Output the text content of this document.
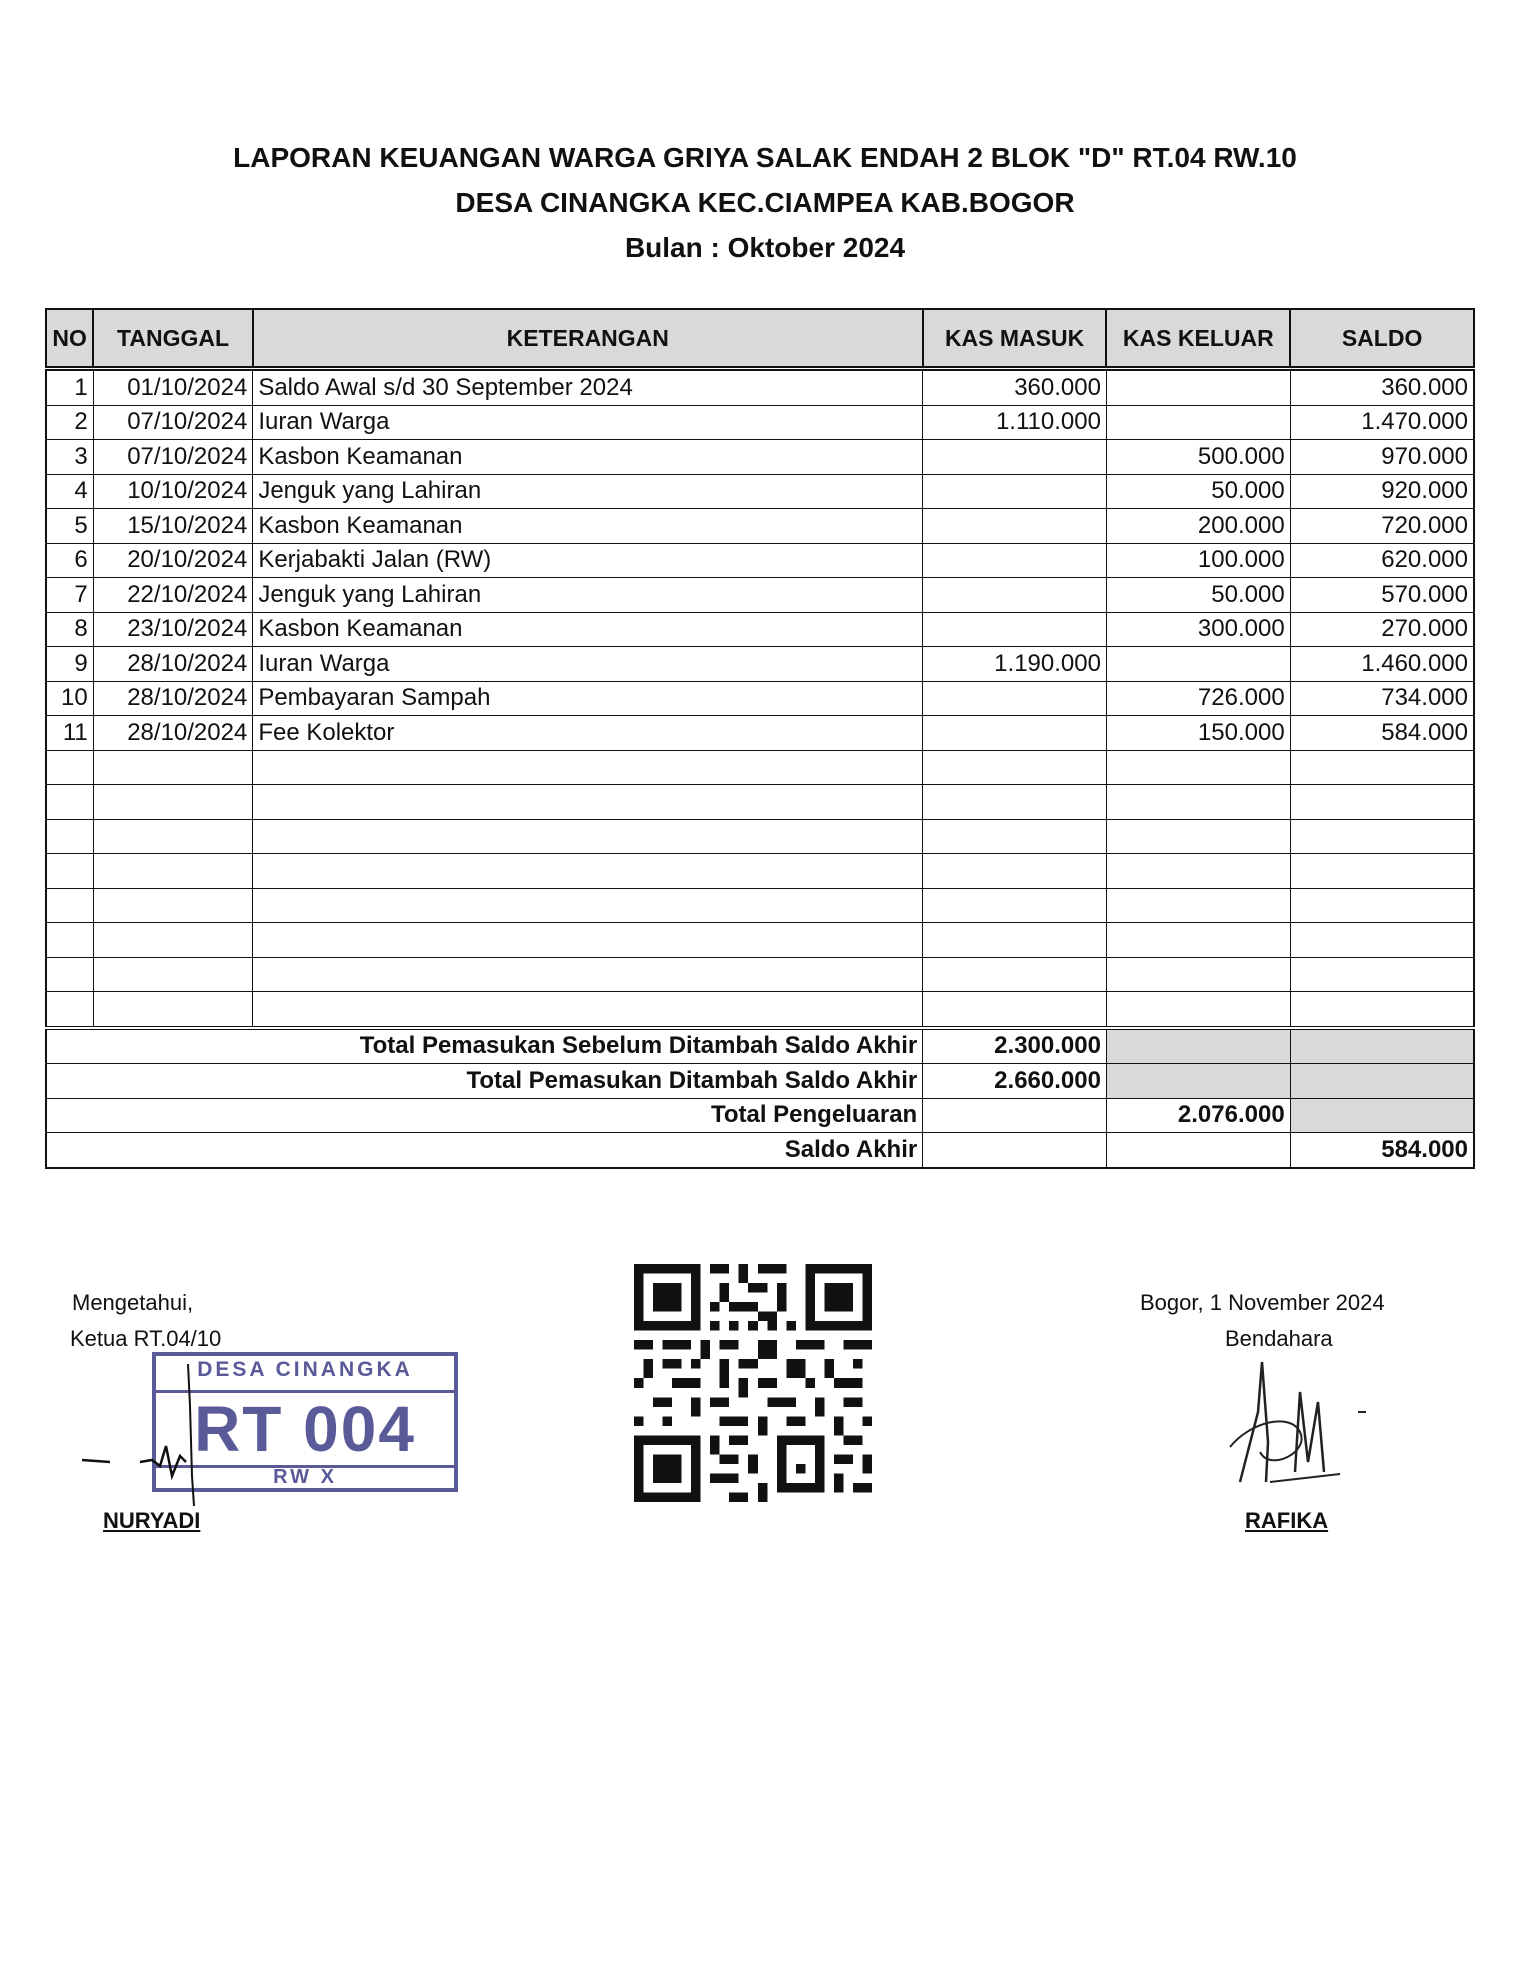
LAPORAN KEUANGAN WARGA GRIYA SALAK ENDAH 2 BLOK "D" RT.04 RW.10
DESA CINANGKA KEC.CIAMPEA KAB.BOGOR
Bulan : Oktober 2024
NO	TANGGAL	KETERANGAN	KAS MASUK	KAS KELUAR	SALDO
1	01/10/2024	Saldo Awal s/d 30 September 2024	360.000		360.000
2	07/10/2024	Iuran Warga	1.110.000		1.470.000
3	07/10/2024	Kasbon Keamanan		500.000	970.000
4	10/10/2024	Jenguk yang Lahiran		50.000	920.000
5	15/10/2024	Kasbon Keamanan		200.000	720.000
6	20/10/2024	Kerjabakti Jalan (RW)		100.000	620.000
7	22/10/2024	Jenguk yang Lahiran		50.000	570.000
8	23/10/2024	Kasbon Keamanan		300.000	270.000
9	28/10/2024	Iuran Warga	1.190.000		1.460.000
10	28/10/2024	Pembayaran Sampah		726.000	734.000
11	28/10/2024	Fee Kolektor		150.000	584.000

Total Pemasukan Sebelum Ditambah Saldo Akhir			2.300.000		
Total Pemasukan Ditambah Saldo Akhir			2.660.000		
Total Pengeluaran				2.076.000	
Saldo Akhir					584.000
Mengetahui,
Ketua RT.04/10
DESA CINANGKA
RT 004
RW X
NURYADI
Bogor, 1 November 2024
Bendahara
RAFIKA
